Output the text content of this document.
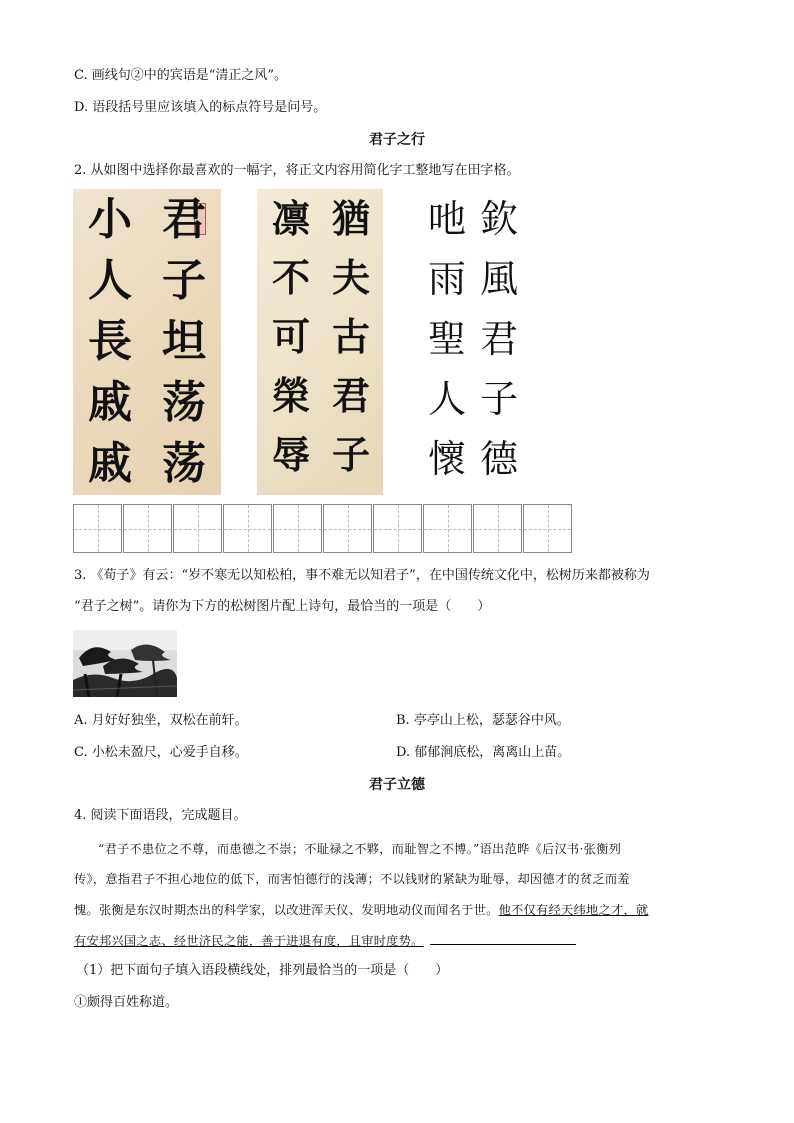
C. 画线句②中的宾语是“清正之风”。
D. 语段括号里应该填入的标点符号是问号。
君子之行
2. 从如图中选择你最喜欢的一幅字，将正文内容用简化字工整地写在田字格。
君
子
坦
荡
荡
小
人
長
戚
戚
猶
夫
古
君
子
凛
不
可
榮
辱
欽
風
君
子
德
吔
雨
聖
人
懷
3. 《荀子》有云：“岁不寒无以知松柏，事不难无以知君子”，在中国传统文化中，松树历来都被称为
“君子之树”。请你为下方的松树图片配上诗句，最恰当的一项是（　　）
A. 月好好独坐，双松在前轩。	B. 亭亭山上松，瑟瑟谷中风。
C. 小松未盈尺，心爱手自移。	D. 郁郁涧底松，离离山上苗。
君子立德
4. 阅读下面语段，完成题目。
“君子不患位之不尊，而患德之不崇；不耻禄之不夥，而耻智之不博。”语出范晔《后汉书·张衡列
传》，意指君子不担心地位的低下，而害怕德行的浅薄；不以钱财的紧缺为耻辱，却因德才的贫乏而羞
愧。张衡是东汉时期杰出的科学家，以改进浑天仪、发明地动仪而闻名于世。他不仅有经天纬地之才，就
有安邦兴国之志、经世济民之能，善于进退有度，且审时度势。
（1）把下面句子填入语段横线处，排列最恰当的一项是（　　）
①颇得百姓称道。
